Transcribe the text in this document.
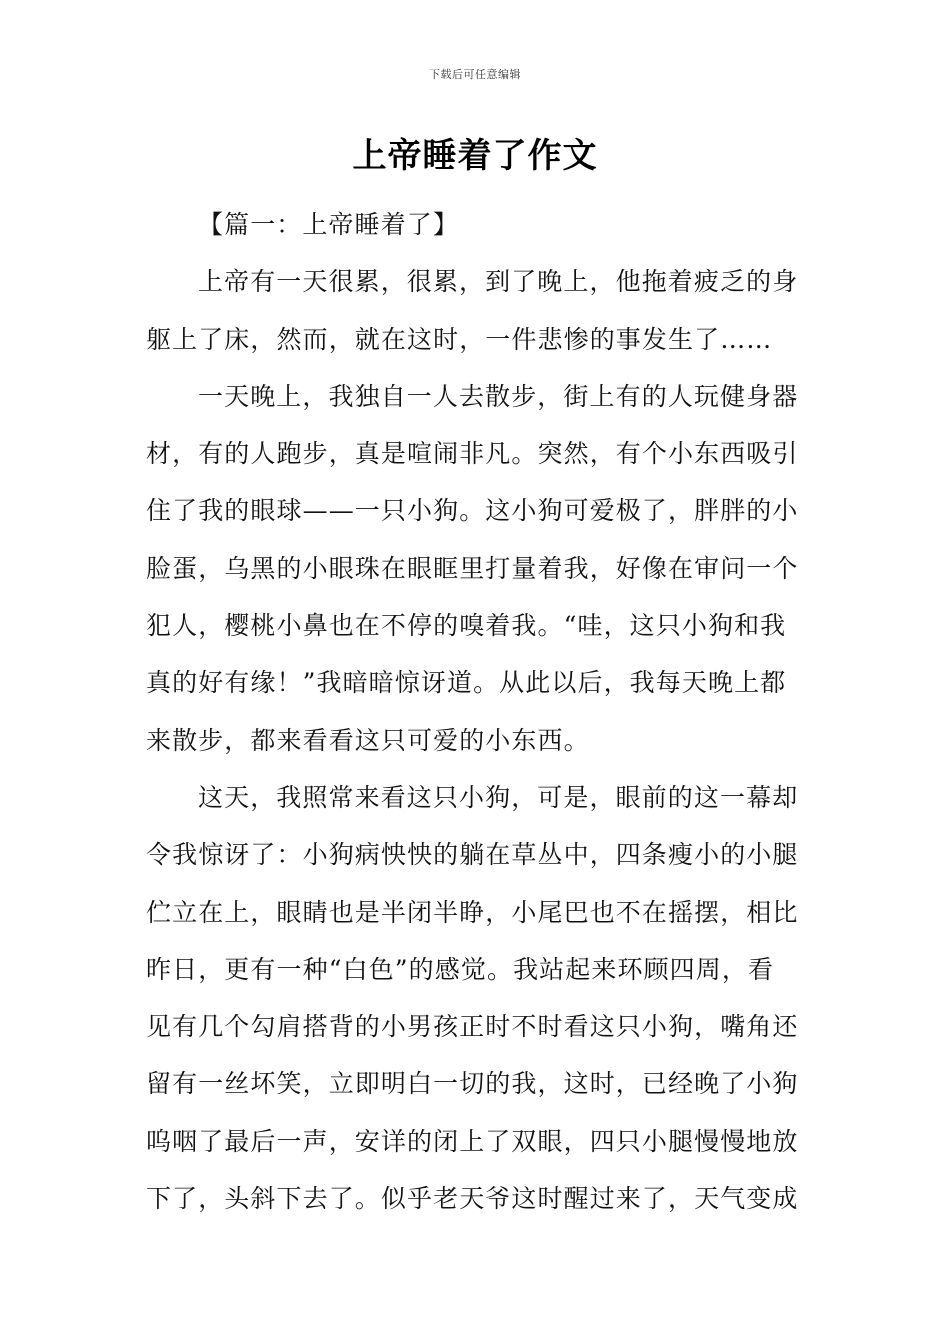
下载后可任意编辑
上帝睡着了作文
【篇一：上帝睡着了】
上帝有一天很累，很累，到了晚上，他拖着疲乏的身
躯上了床，然而，就在这时，一件悲惨的事发生了……
一天晚上，我独自一人去散步，街上有的人玩健身器
材，有的人跑步，真是喧闹非凡。突然，有个小东西吸引
住了我的眼球——一只小狗。这小狗可爱极了，胖胖的小
脸蛋，乌黑的小眼珠在眼眶里打量着我，好像在审问一个
犯人，樱桃小鼻也在不停的嗅着我。“哇，这只小狗和我
真的好有缘！”我暗暗惊讶道。从此以后，我每天晚上都
来散步，都来看看这只可爱的小东西。
这天，我照常来看这只小狗，可是，眼前的这一幕却
令我惊讶了：小狗病怏怏的躺在草丛中，四条瘦小的小腿
伫立在上，眼睛也是半闭半睁，小尾巴也不在摇摆，相比
昨日，更有一种“白色”的感觉。我站起来环顾四周，看
见有几个勾肩搭背的小男孩正时不时看这只小狗，嘴角还
留有一丝坏笑，立即明白一切的我，这时，已经晚了小狗
呜咽了最后一声，安详的闭上了双眼，四只小腿慢慢地放
下了，头斜下去了。似乎老天爷这时醒过来了，天气变成
